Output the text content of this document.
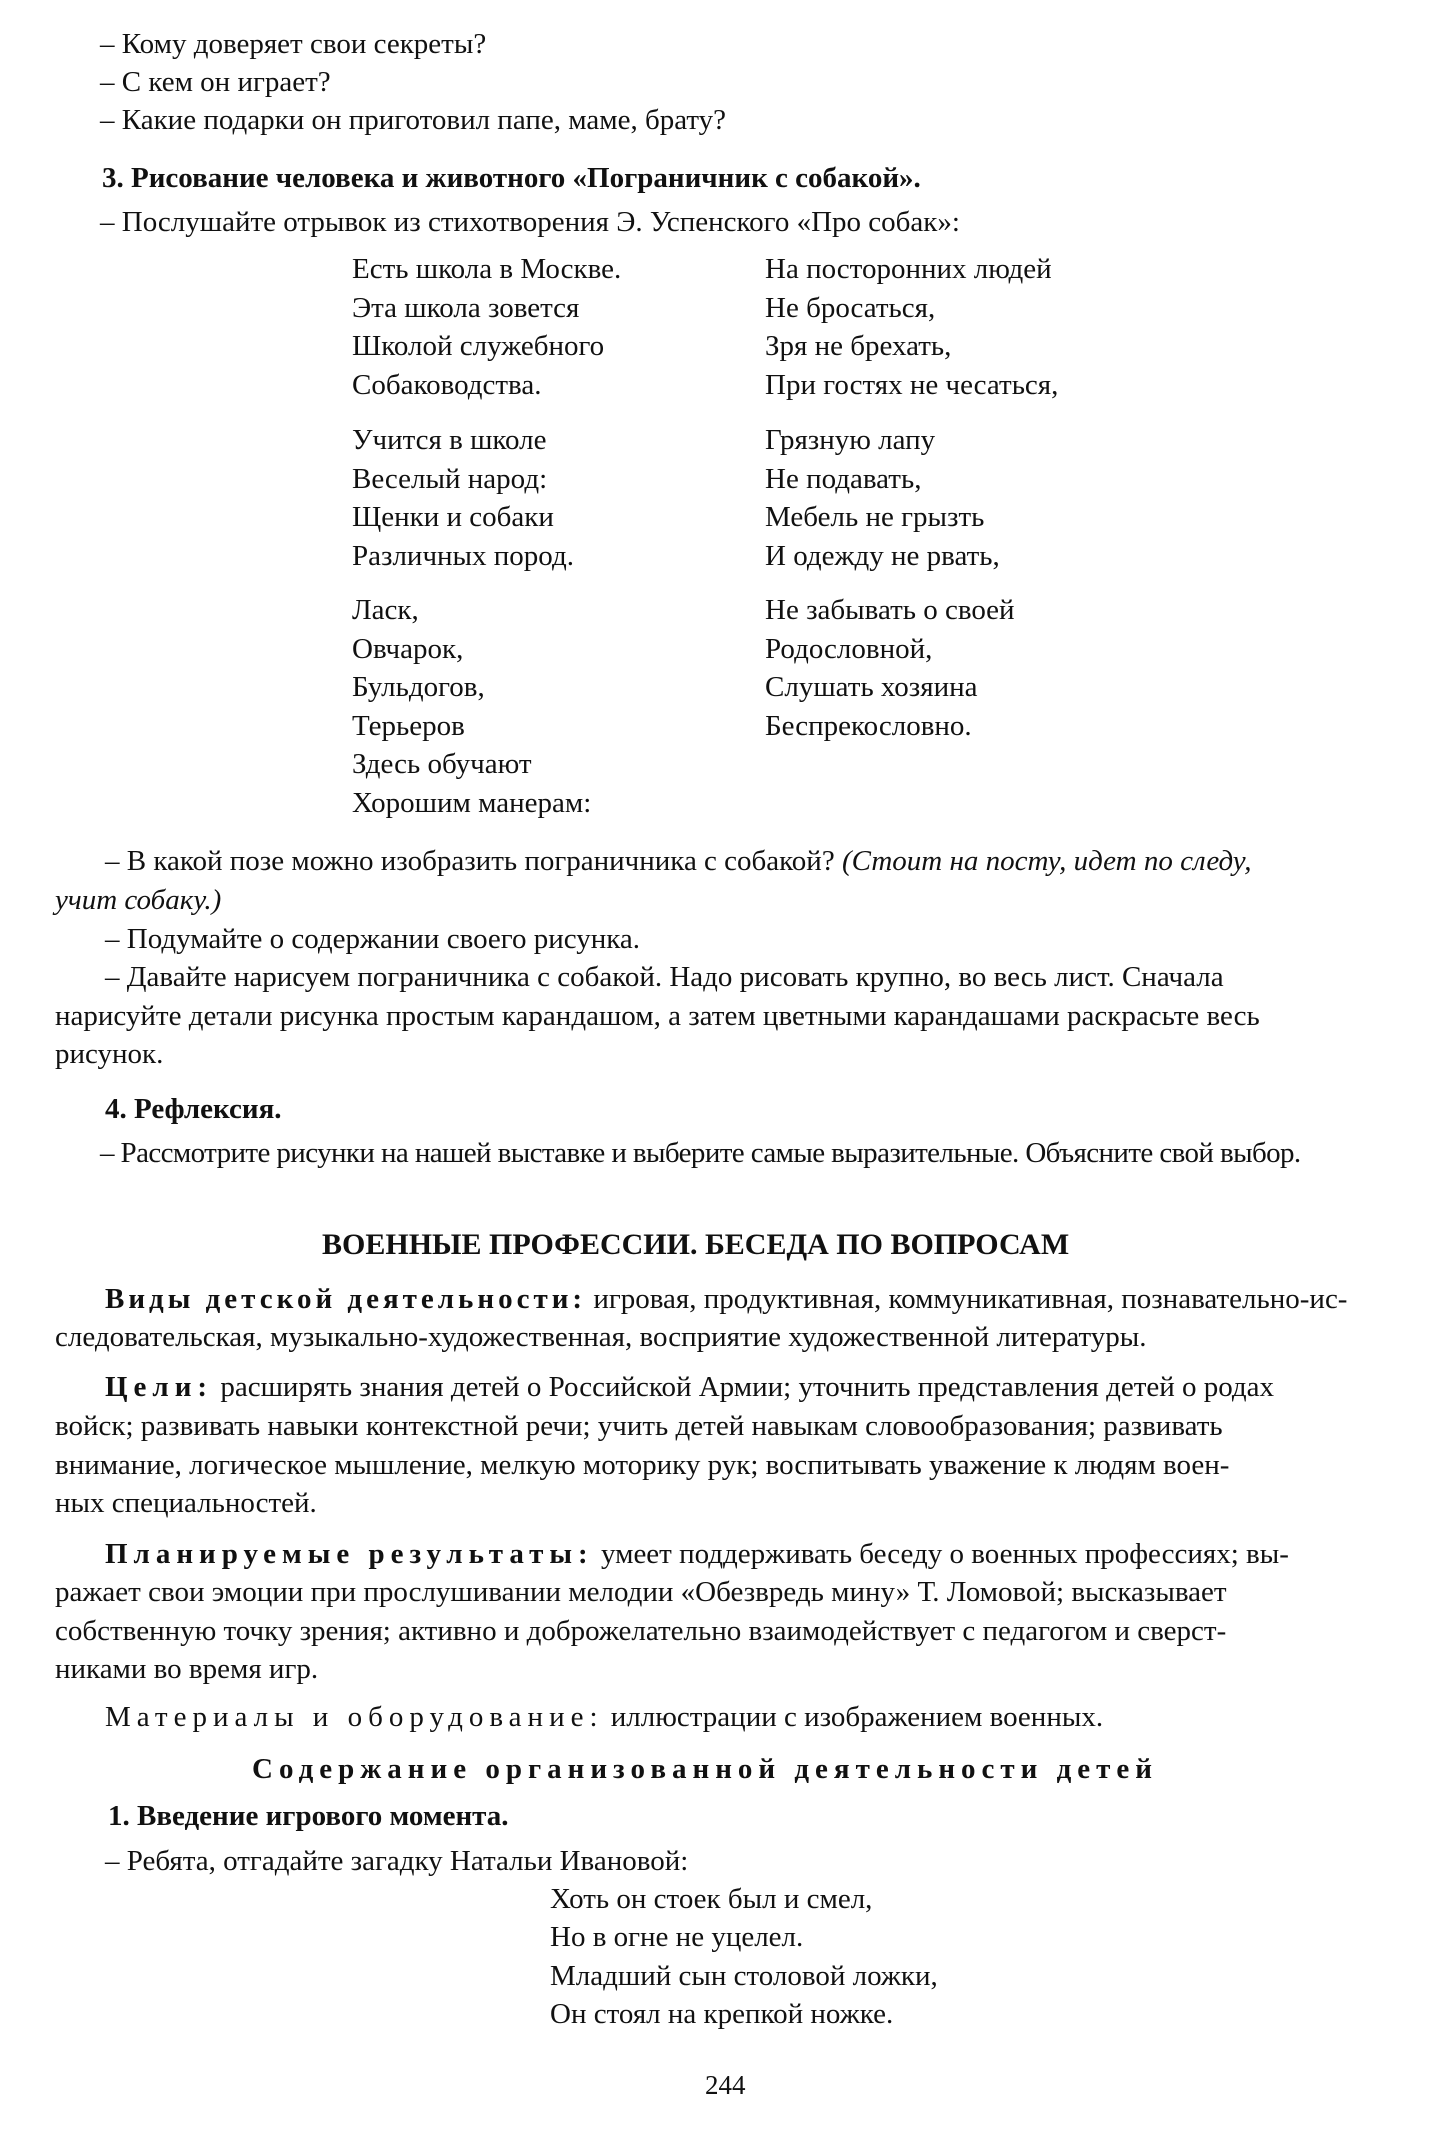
– Кому доверяет свои секреты?
– С кем он играет?
– Какие подарки он приготовил папе, маме, брату?
3. Рисование человека и животного «Пограничник с собакой».
– Послушайте отрывок из стихотворения Э. Успенского «Про собак»:
Есть школа в Москве.
Эта школа зовется
Школой служебного
Собаководства.
Учится в школе
Веселый народ:
Щенки и собаки
Различных пород.
Ласк,
Овчарок,
Бульдогов,
Терьеров
Здесь обучают
Хорошим манерам:
На посторонних людей
Не бросаться,
Зря не брехать,
При гостях не чесаться,
Грязную лапу
Не подавать,
Мебель не грызть
И одежду не рвать,
Не забывать о своей
Родословной,
Слушать хозяина
Беспрекословно.
– В какой позе можно изобразить пограничника с собакой? (Стоит на посту, идет по следу,
учит собаку.)
– Подумайте о содержании своего рисунка.
– Давайте нарисуем пограничника с собакой. Надо рисовать крупно, во весь лист. Сначала
нарисуйте детали рисунка простым карандашом, а затем цветными карандашами раскрасьте весь
рисунок.
4. Рефлексия.
– Рассмотрите рисунки на нашей выставке и выберите самые выразительные. Объясните свой выбор.
ВОЕННЫЕ ПРОФЕССИИ. БЕСЕДА ПО ВОПРОСАМ
Виды детской деятельности: игровая, продуктивная, коммуникативная, познавательно-ис-
следовательская, музыкально-художественная, восприятие художественной литературы.
Цели: расширять знания детей о Российской Армии; уточнить представления детей о родах
войск; развивать навыки контекстной речи; учить детей навыкам словообразования; развивать
внимание, логическое мышление, мелкую моторику рук; воспитывать уважение к людям воен-
ных специальностей.
Планируемые результаты: умеет поддерживать беседу о военных профессиях; вы-
ражает свои эмоции при прослушивании мелодии «Обезвредь мину» Т. Ломовой; высказывает
собственную точку зрения; активно и доброжелательно взаимодействует с педагогом и сверст-
никами во время игр.
Материалы и оборудование: иллюстрации с изображением военных.
Содержание организованной деятельности детей
1. Введение игрового момента.
– Ребята, отгадайте загадку Натальи Ивановой:
Хоть он стоек был и смел,
Но в огне не уцелел.
Младший сын столовой ложки,
Он стоял на крепкой ножке.
244
